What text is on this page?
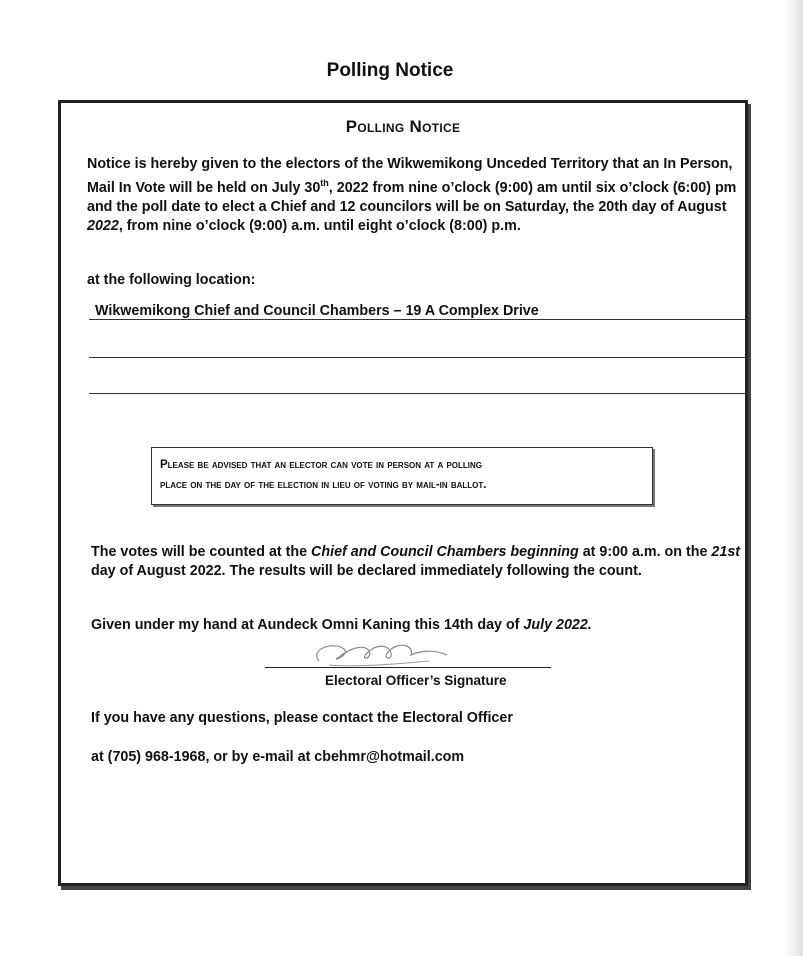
Polling Notice
Polling Notice
Notice is hereby given to the electors of the Wikwemikong Unceded Territory that an In Person, Mail In Vote will be held on July 30th, 2022 from nine o’clock (9:00) am until six o’clock (6:00) pm and the poll date to elect a Chief and 12 councilors will be on Saturday, the 20th day of August 2022, from nine o’clock (9:00) a.m. until eight o’clock (8:00) p.m.
at the following location:
Wikwemikong Chief and Council Chambers – 19 A Complex Drive
Please be advised that an elector can vote in person at a polling
place on the day of the election in lieu of voting by mail-in ballot.
The votes will be counted at the Chief and Council Chambers beginning at 9:00 a.m. on the 21st day of August 2022. The results will be declared immediately following the count.
Given under my hand at Aundeck Omni Kaning this 14th day of July 2022.
Electoral Officer’s Signature
If you have any questions, please contact the Electoral Officer
at (705) 968-1968, or by e-mail at cbehmr@hotmail.com
